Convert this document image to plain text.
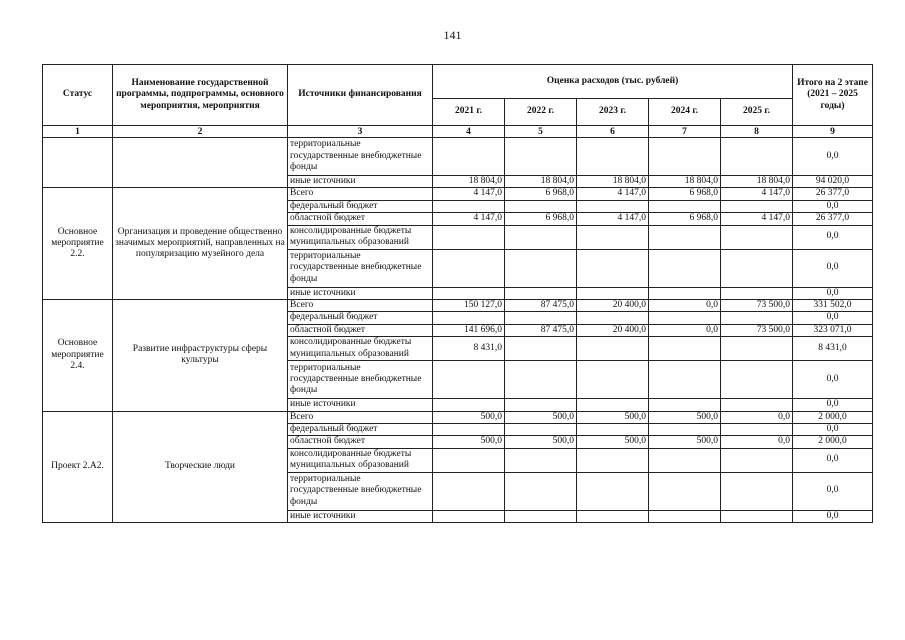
141
Статус	Наименование государственной программы, подпрограммы, основного мероприятия, мероприятия	Источники финансирования	Оценка расходов (тыс. рублей)					Итого на 2 этапе (2021 – 2025 годы)
			2021 г.	2022 г.	2023 г.	2024 г.	2025 г.	
1	2	3	4	5	6	7	8	9
		территориальные государственные внебюджетные фонды						0,0
		иные источники	18 804,0	18 804,0	18 804,0	18 804,0	18 804,0	94 020,0
Основное мероприятие 2.2.	Организация и проведение общественно значимых мероприятий, направленных на популяризацию музейного дела	Всего	4 147,0	6 968,0	4 147,0	6 968,0	4 147,0	26 377,0
		федеральный бюджет						0,0
		областной бюджет	4 147,0	6 968,0	4 147,0	6 968,0	4 147,0	26 377,0
		консолидированные бюджеты муниципальных образований						0,0
		территориальные государственные внебюджетные фонды						0,0
		иные источники						0,0
Основное мероприятие 2.4.	Развитие инфраструктуры сферы культуры	Всего	150 127,0	87 475,0	20 400,0	0,0	73 500,0	331 502,0
		федеральный бюджет						0,0
		областной бюджет	141 696,0	87 475,0	20 400,0	0,0	73 500,0	323 071,0
		консолидированные бюджеты муниципальных образований	8 431,0					8 431,0
		территориальные государственные внебюджетные фонды						0,0
		иные источники						0,0
Проект 2.А2.	Творческие люди	Всего	500,0	500,0	500,0	500,0	0,0	2 000,0
		федеральный бюджет						0,0
		областной бюджет	500,0	500,0	500,0	500,0	0,0	2 000,0
		консолидированные бюджеты муниципальных образований						0,0
		территориальные государственные внебюджетные фонды						0,0
		иные источники						0,0
